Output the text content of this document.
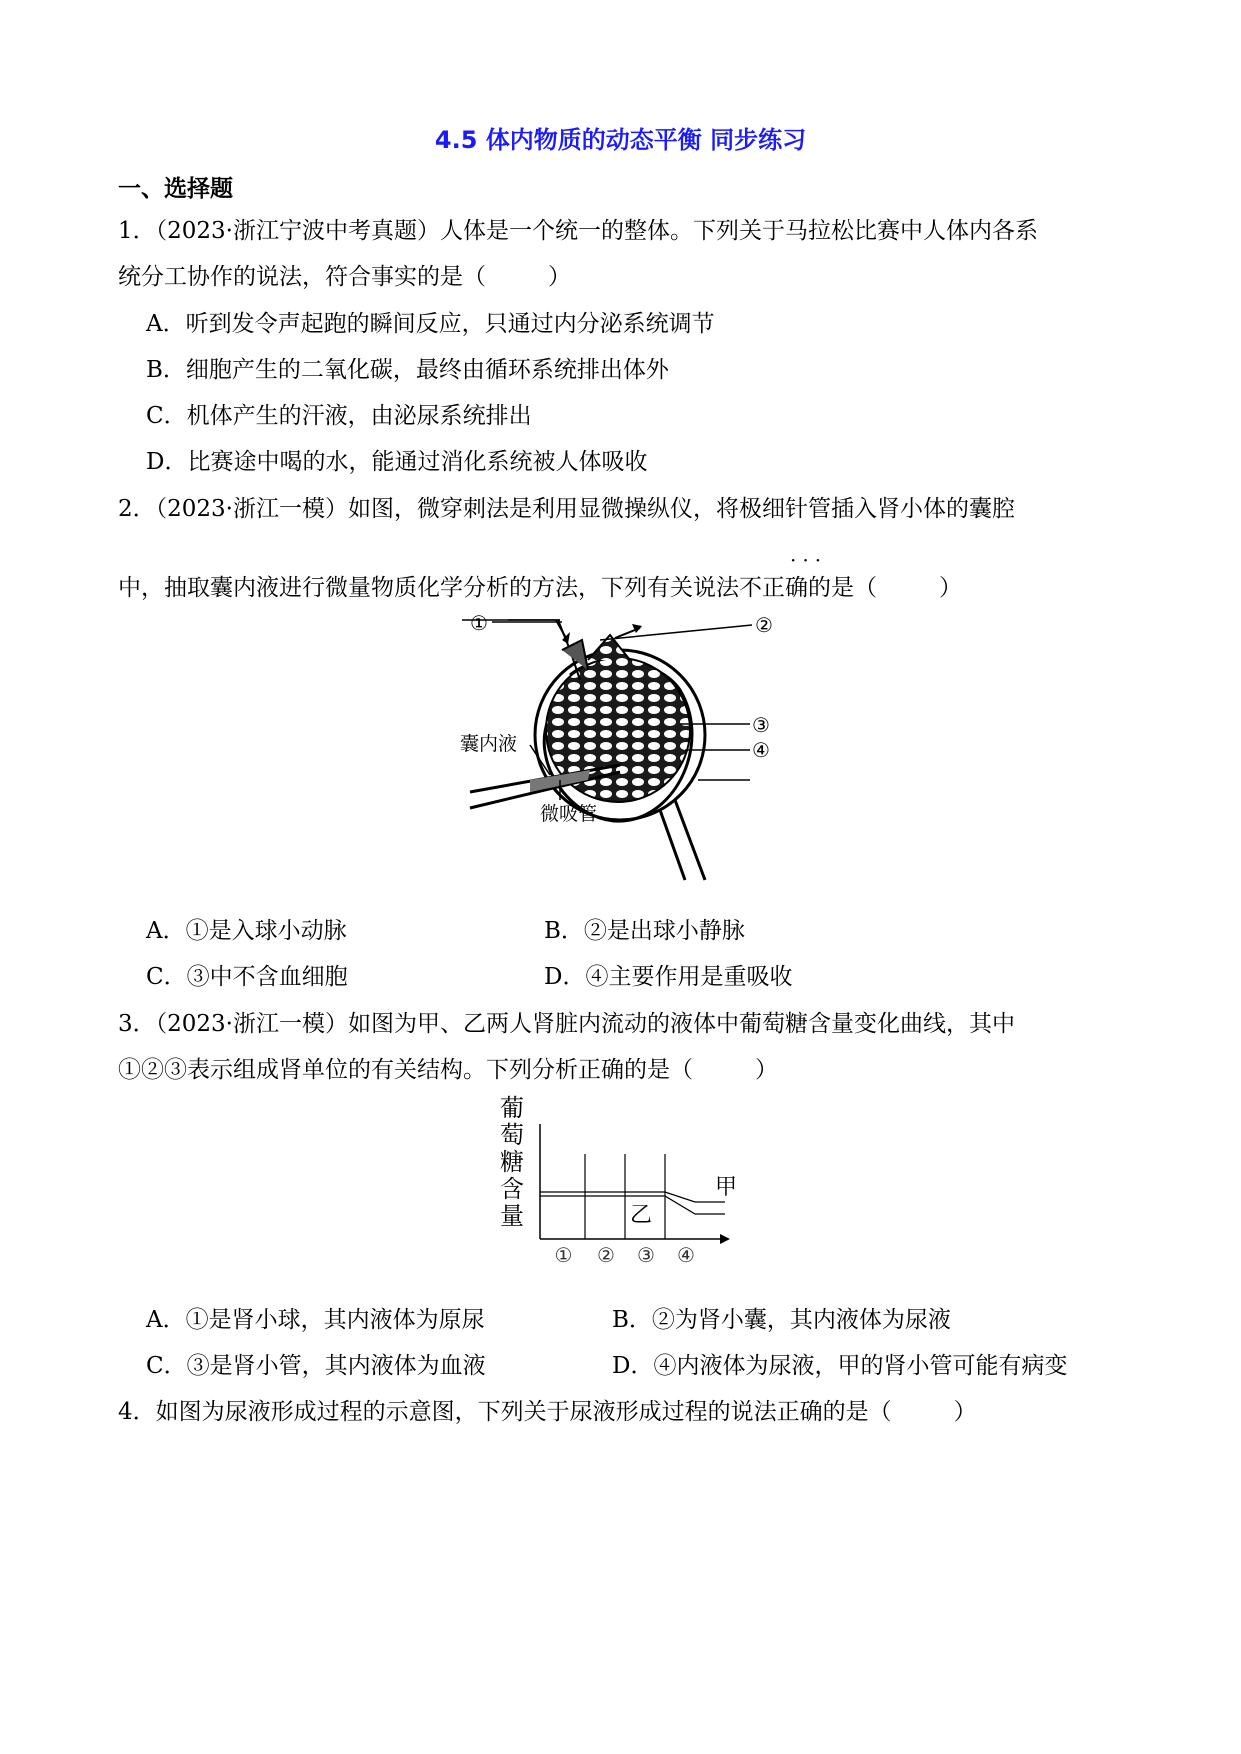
4.5 体内物质的动态平衡 同步练习
一、选择题
1．（2023·浙江宁波中考真题）人体是一个统一的整体。下列关于马拉松比赛中人体内各系
统分工协作的说法，符合事实的是（	）
A．听到发令声起跑的瞬间反应，只通过内分泌系统调节
B．细胞产生的二氧化碳，最终由循环系统排出体外
C．机体产生的汗液，由泌尿系统排出
D．比赛途中喝的水，能通过消化系统被人体吸收
2．（2023·浙江一模）如图，微穿刺法是利用显微操纵仪，将极细针管插入肾小体的囊腔
···
中，抽取囊内液进行微量物质化学分析的方法，下列有关说法不正确的是（	）
①	②
③
④
囊内液
微吸管
A．①是入球小动脉	B．②是出球小静脉
C．③中不含血细胞	D．④主要作用是重吸收
3．（2023·浙江一模）如图为甲、乙两人肾脏内流动的液体中葡萄糖含量变化曲线，其中
①②③表示组成肾单位的有关结构。下列分析正确的是（	）
葡
萄
糖
含
量
甲
乙
① ② ③ ④
A．①是肾小球，其内液体为原尿	B．②为肾小囊，其内液体为尿液
C．③是肾小管，其内液体为血液	D．④内液体为尿液，甲的肾小管可能有病变
4．如图为尿液形成过程的示意图，下列关于尿液形成过程的说法正确的是（	）
